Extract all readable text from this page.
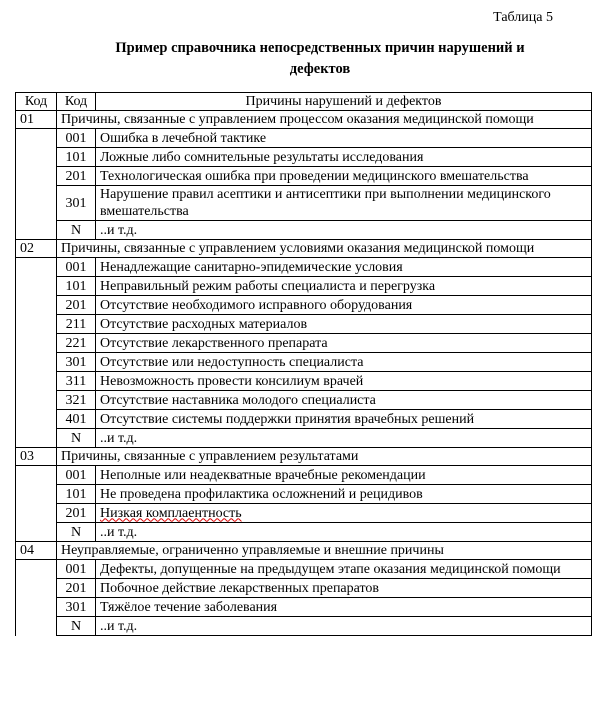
Таблица 5
Пример справочника непосредственных причин нарушений и дефектов
Код	Код	Причины нарушений и дефектов
01	Причины, связанные с управлением процессом оказания медицинской помощи	
	001	Ошибка в лечебной тактике
	101	Ложные либо сомнительные результаты исследования
	201	Технологическая ошибка при проведении медицинского вмешательства
	301	Нарушение правил асептики и антисептики при выполнении медицинского вмешательства
	N	..и т.д.
02	Причины, связанные с управлением условиями оказания медицинской помощи	
	001	Ненадлежащие санитарно-эпидемические условия
	101	Неправильный режим работы специалиста и перегрузка
	201	Отсутствие необходимого исправного оборудования
	211	Отсутствие расходных материалов
	221	Отсутствие лекарственного препарата
	301	Отсутствие или недоступность специалиста
	311	Невозможность провести консилиум врачей
	321	Отсутствие наставника молодого специалиста
	401	Отсутствие системы поддержки принятия врачебных решений
	N	..и т.д.
03	Причины, связанные с управлением результатами	
	001	Неполные или неадекватные врачебные рекомендации
	101	Не проведена профилактика осложнений и рецидивов
	201	Низкая комплаентность
	N	..и т.д.
04	Неуправляемые, ограниченно управляемые и внешние причины	
	001	Дефекты, допущенные на предыдущем этапе оказания медицинской помощи
	201	Побочное действие лекарственных препаратов
	301	Тяжёлое течение заболевания
	N	..и т.д.
